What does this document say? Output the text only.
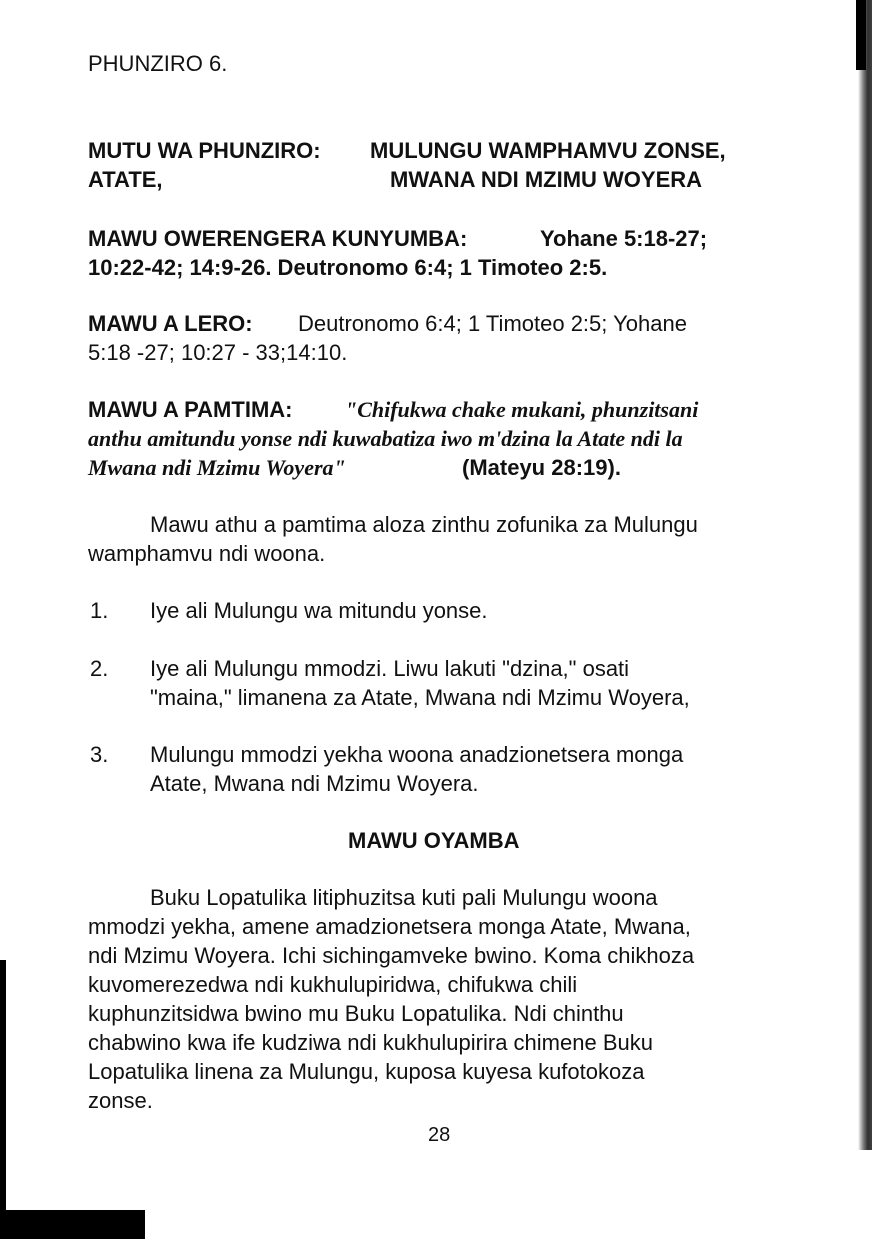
PHUNZIRO 6.
MUTU WA PHUNZIRO: MULUNGU WAMPHAMVU ZONSE,
ATATE,	MWANA NDI MZIMU WOYERA
MAWU OWERENGERA KUNYUMBA:	Yohane 5:18-27;
10:22-42; 14:9-26. Deutronomo 6:4; 1 Timoteo 2:5.
MAWU A LERO: Deutronomo 6:4; 1 Timoteo 2:5; Yohane
5:18 -27; 10:27 - 33;14:10.
MAWU A PAMTIMA: "Chifukwa chake mukani, phunzitsani
anthu amitundu yonse ndi kuwabatiza iwo m'dzina la Atate ndi la
Mwana ndi Mzimu Woyera"	(Mateyu 28:19).
Mawu athu a pamtima aloza zinthu zofunika za Mulungu
wamphamvu ndi woona.
1. Iye ali Mulungu wa mitundu yonse.
2. Iye ali Mulungu mmodzi. Liwu lakuti "dzina," osati
"maina," limanena za Atate, Mwana ndi Mzimu Woyera,
3. Mulungu mmodzi yekha woona anadzionetsera monga
Atate, Mwana ndi Mzimu Woyera.
MAWU OYAMBA
Buku Lopatulika litiphuzitsa kuti pali Mulungu woona
mmodzi yekha, amene amadzionetsera monga Atate, Mwana,
ndi Mzimu Woyera. Ichi sichingamveke bwino. Koma chikhoza
kuvomerezedwa ndi kukhulupiridwa, chifukwa chili
kuphunzitsidwa bwino mu Buku Lopatulika. Ndi chinthu
chabwino kwa ife kudziwa ndi kukhulupirira chimene Buku
Lopatulika linena za Mulungu, kuposa kuyesa kufotokoza
zonse.
28
